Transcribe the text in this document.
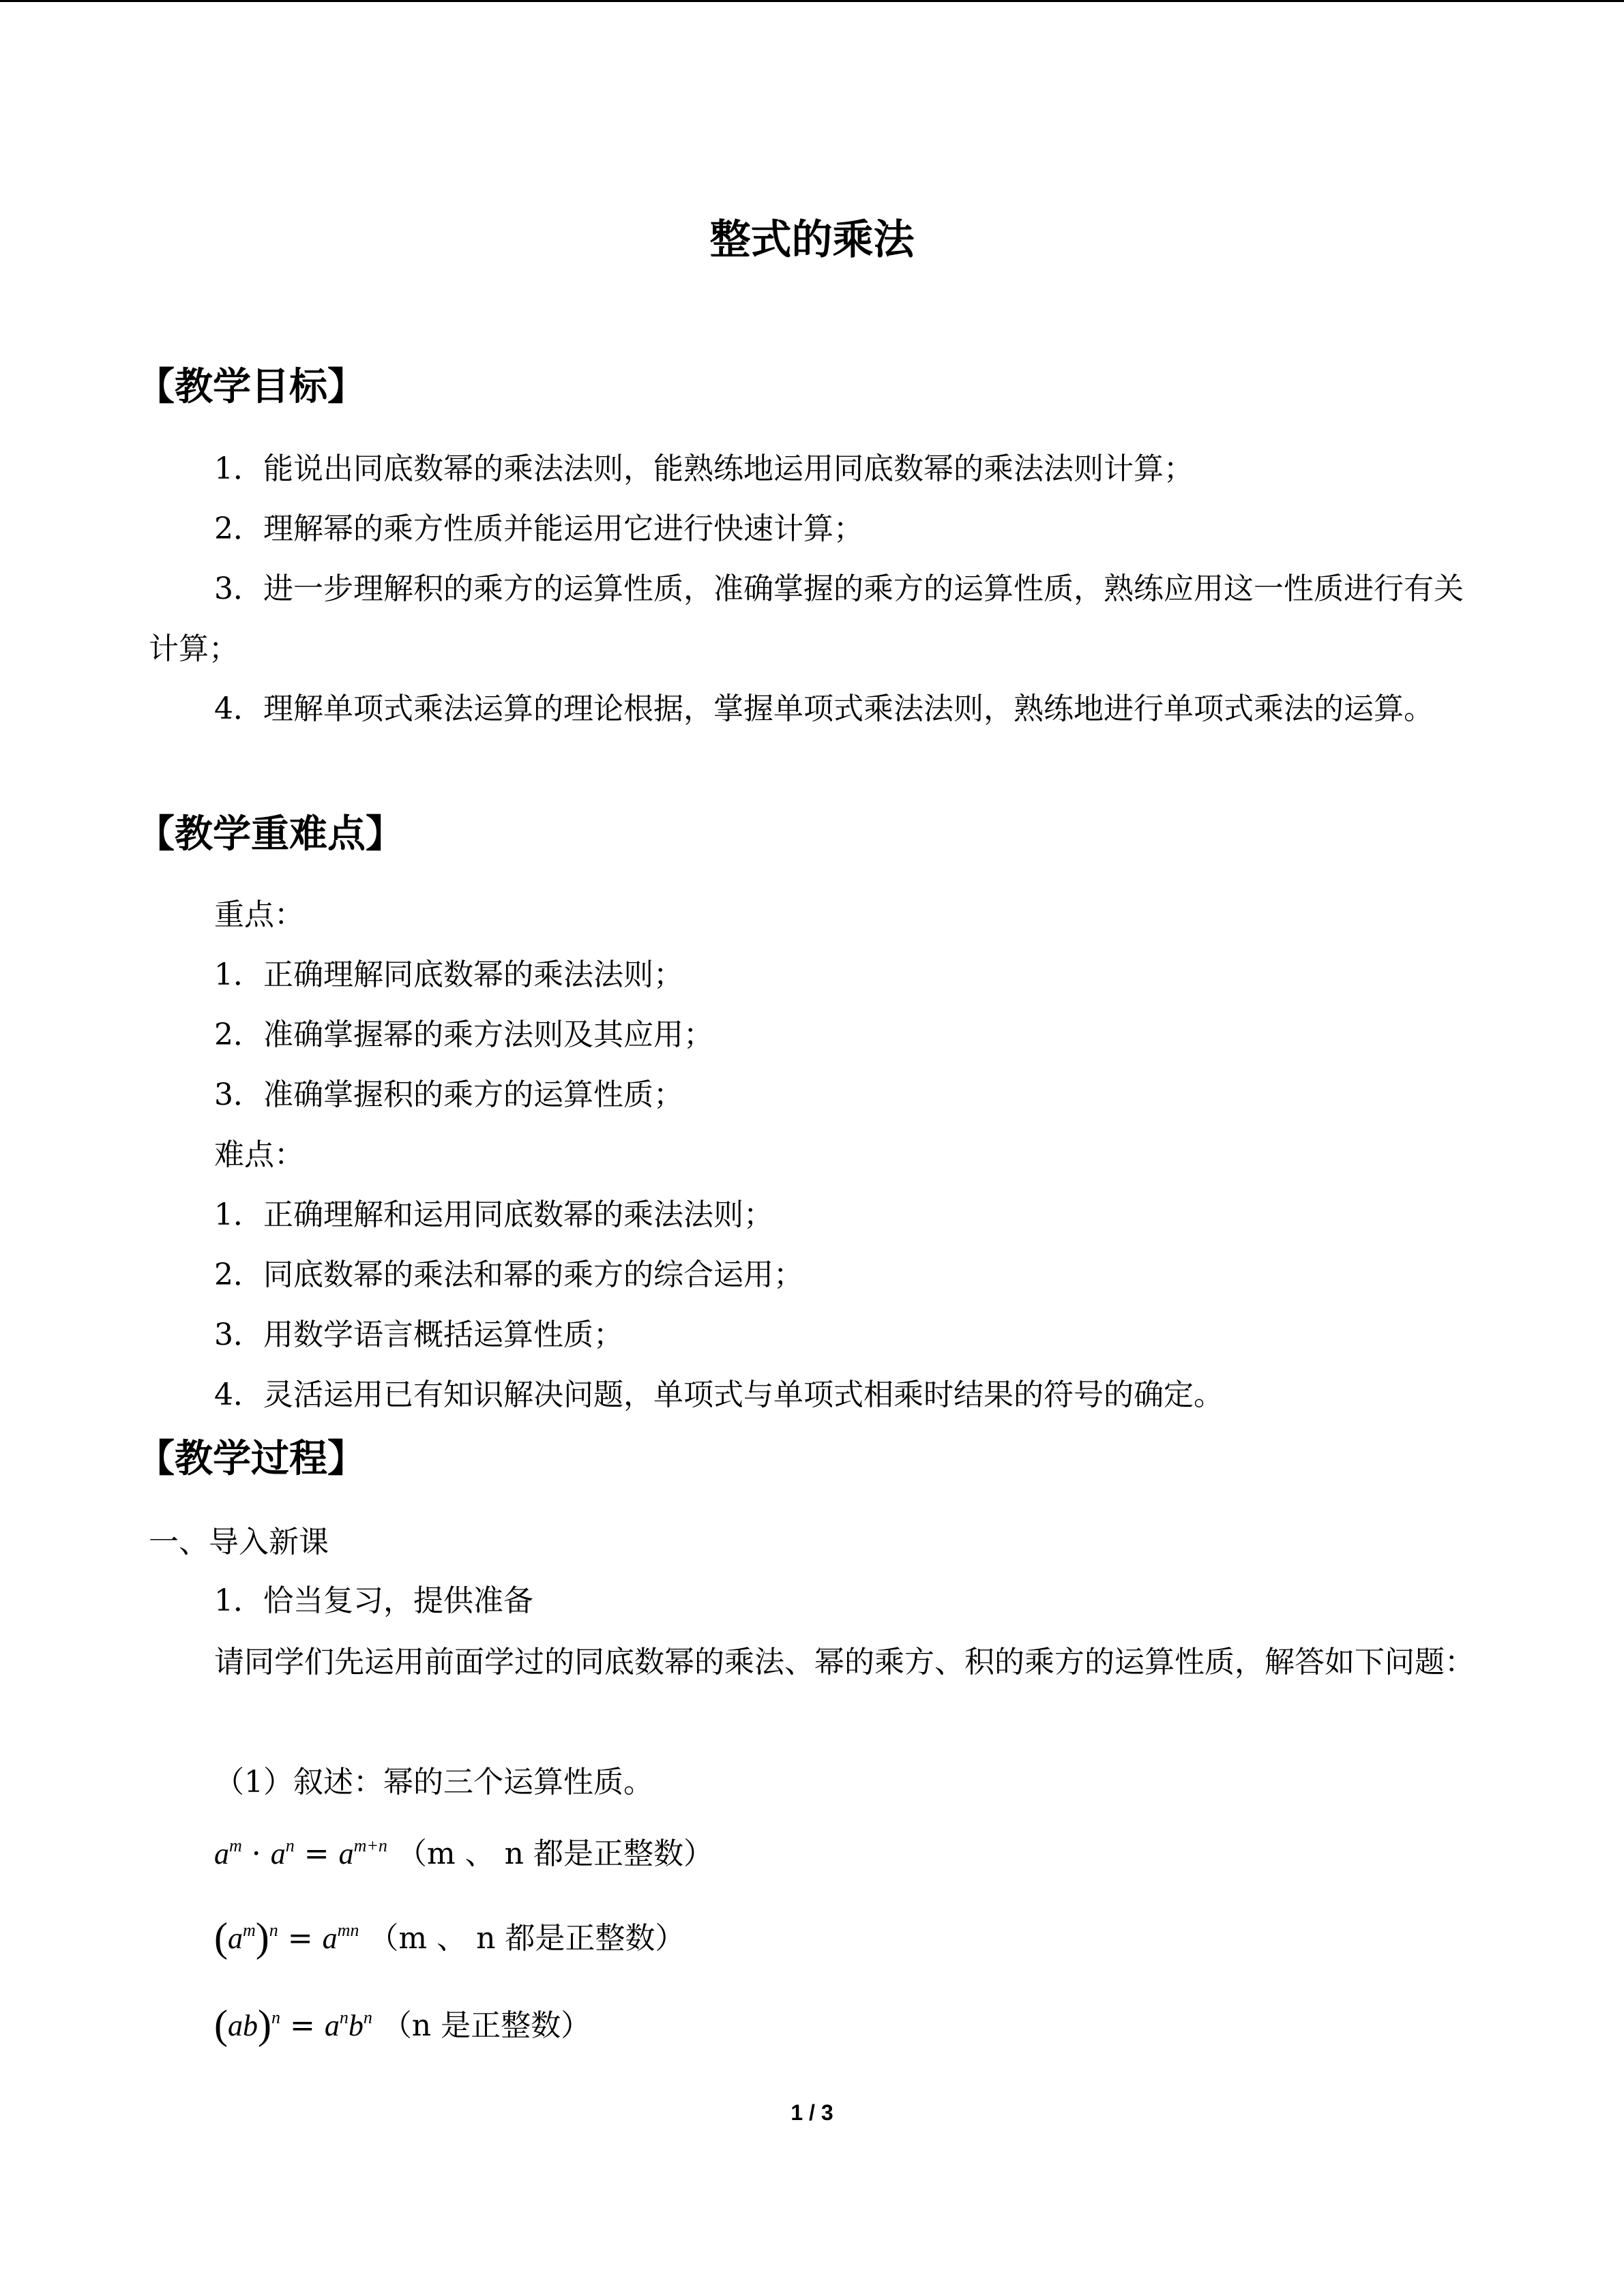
整式的乘法
【教学目标】
1．能说出同底数幂的乘法法则，能熟练地运用同底数幂的乘法法则计算；
2．理解幂的乘方性质并能运用它进行快速计算；
3．进一步理解积的乘方的运算性质，准确掌握的乘方的运算性质，熟练应用这一性质进行有关计算；
4．理解单项式乘法运算的理论根据，掌握单项式乘法法则，熟练地进行单项式乘法的运算。
【教学重难点】
重点：
1．正确理解同底数幂的乘法法则；
2．准确掌握幂的乘方法则及其应用；
3．准确掌握积的乘方的运算性质；
难点：
1．正确理解和运用同底数幂的乘法法则；
2．同底数幂的乘法和幂的乘方的综合运用；
3．用数学语言概括运算性质；
4．灵活运用已有知识解决问题，单项式与单项式相乘时结果的符号的确定。
【教学过程】
一、导入新课
1．恰当复习，提供准备
请同学们先运用前面学过的同底数幂的乘法、幂的乘方、积的乘方的运算性质，解答如下问题：
（1）叙述：幂的三个运算性质。
$a^m \cdot a^n = a^{m+n}$ （m 、 n 都是正整数）
$(a^m)^n = a^{mn}$ （m 、 n 都是正整数）
$(ab)^n = a^nb^n$ （n 是正整数）
1 / 3
